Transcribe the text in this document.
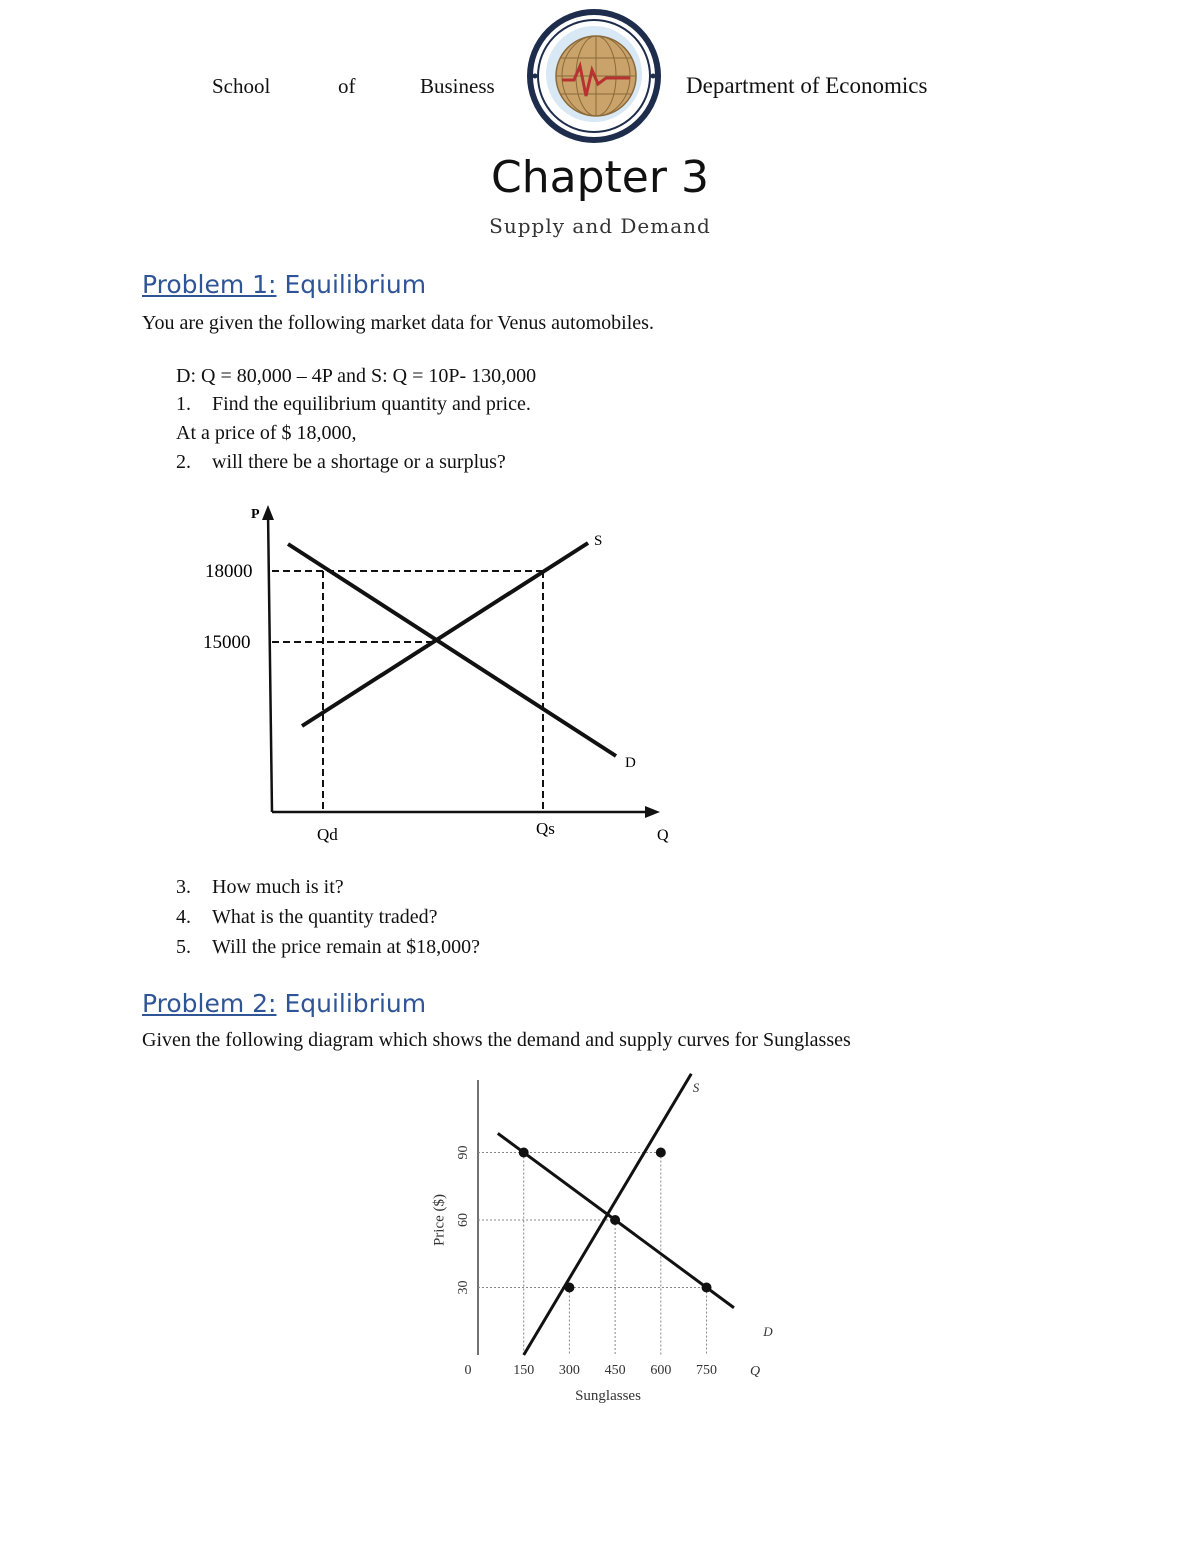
School	of	Business	Department of Economics
Chapter 3
Supply and Demand
Problem 1: Equilibrium
You are given the following market data for Venus automobiles.
D: Q = 80,000 – 4P and S: Q = 10P- 130,000
1. Find the equilibrium quantity and price.
At a price of $ 18,000,
2. will there be a shortage or a surplus?
P
18000
15000
Qd	Qs	Q
S
D
3. How much is it?
4. What is the quantity traded?
5. Will the price remain at $18,000?
Problem 2: Equilibrium
Given the following diagram which shows the demand and supply curves for Sunglasses
30
60
90
Price ($)
0	150 300 450 600 750 Q
Sunglasses
S
D
